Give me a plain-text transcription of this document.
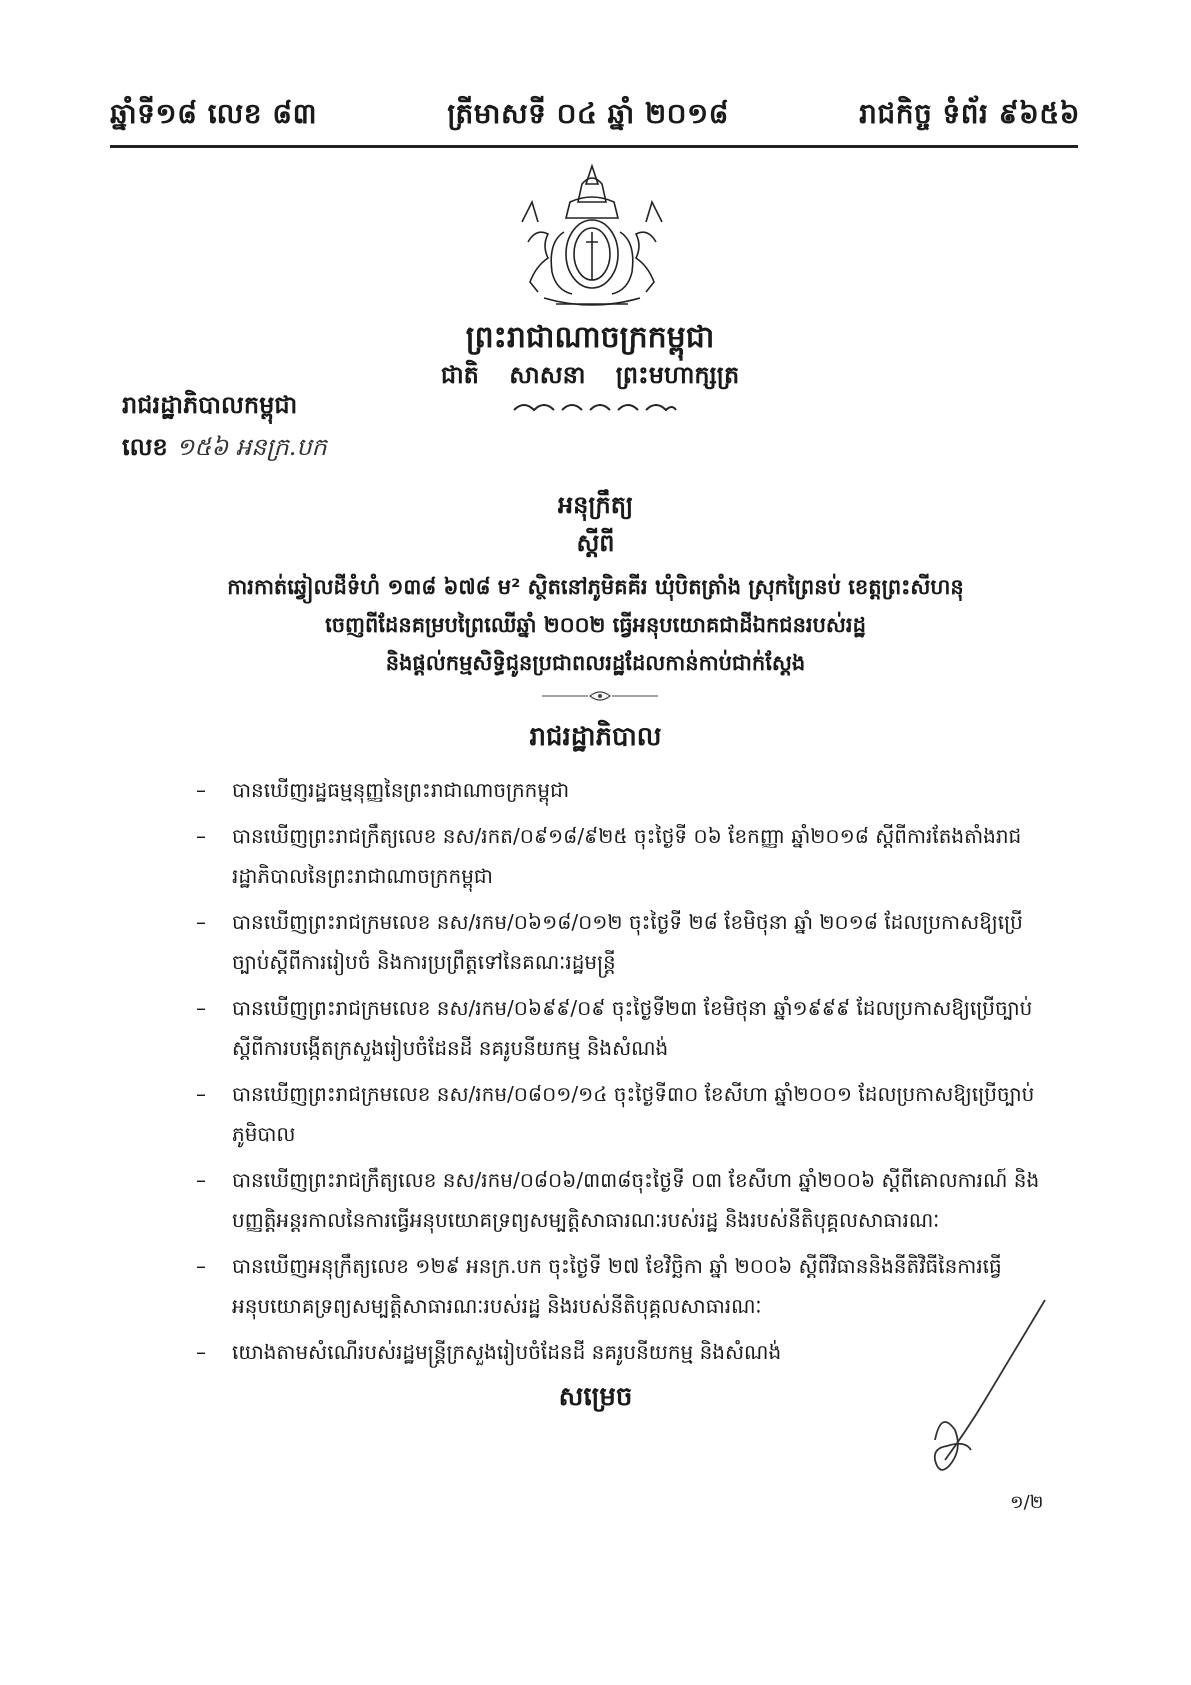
ឆ្នាំទី១៨ លេខ ៨៣	ត្រីមាសទី ០៤ ឆ្នាំ ២០១៨	រាជកិច្ច ទំព័រ ៩៦៥៦
ព្រះរាជាណាចក្រកម្ពុជា
ជាតិ សាសនា ព្រះមហាក្សត្រ
រាជរដ្ឋាភិបាលកម្ពុជា
លេខ ១៥៦ អនក្រ.បក
អនុក្រឹត្យ
ស្តីពី
ការកាត់ឆ្វៀលដីទំហំ ១៣៨ ៦៧៨ ម² ស្ថិតនៅភូមិគគីរ ឃុំបិតត្រាំង ស្រុកព្រៃនប់ ខេត្តព្រះសីហនុ
ចេញពីដែនគម្របព្រៃឈើឆ្នាំ ២០០២ ធ្វើអនុបយោគជាដីឯកជនរបស់រដ្ឋ
និងផ្តល់កម្មសិទ្ធិជូនប្រជាពលរដ្ឋដែលកាន់កាប់ជាក់ស្តែង
រាជរដ្ឋាភិបាល
– បានឃើញរដ្ឋធម្មនុញ្ញនៃព្រះរាជាណាចក្រកម្ពុជា
– បានឃើញព្រះរាជក្រឹត្យលេខ នស/រកត/០៩១៨/៩២៥ ចុះថ្ងៃទី ០៦ ខែកញ្ញា ឆ្នាំ២០១៨ ស្តីពីការតែងតាំងរាជរដ្ឋាភិបាលនៃព្រះរាជាណាចក្រកម្ពុជា
– បានឃើញព្រះរាជក្រមលេខ នស/រកម/០៦១៨/០១២ ចុះថ្ងៃទី ២៨ ខែមិថុនា ឆ្នាំ ២០១៨ ដែលប្រកាសឱ្យប្រើច្បាប់ស្តីពីការរៀបចំ និងការប្រព្រឹត្តទៅនៃគណៈរដ្ឋមន្ត្រី
– បានឃើញព្រះរាជក្រមលេខ នស/រកម/០៦៩៩/០៩ ចុះថ្ងៃទី២៣ ខែមិថុនា ឆ្នាំ១៩៩៩ ដែលប្រកាសឱ្យប្រើច្បាប់ស្តីពីការបង្កើតក្រសួងរៀបចំដែនដី នគរូបនីយកម្ម និងសំណង់
– បានឃើញព្រះរាជក្រមលេខ នស/រកម/០៨០១/១៤ ចុះថ្ងៃទី៣០ ខែសីហា ឆ្នាំ២០០១ ដែលប្រកាសឱ្យប្រើច្បាប់ភូមិបាល
– បានឃើញព្រះរាជក្រឹត្យលេខ នស/រកម/០៨០៦/៣៣៨ចុះថ្ងៃទី ០៣ ខែសីហា ឆ្នាំ២០០៦ ស្តីពីគោលការណ៍ និងបញ្ញត្តិអន្តរកាលនៃការធ្វើអនុបយោគទ្រព្យសម្បត្តិសាធារណៈរបស់រដ្ឋ និងរបស់នីតិបុគ្គលសាធារណៈ
– បានឃើញអនុក្រឹត្យលេខ ១២៩ អនក្រ.បក ចុះថ្ងៃទី ២៧ ខែវិច្ឆិកា ឆ្នាំ ២០០៦ ស្តីពីវិធាននិងនីតិវិធីនៃការធ្វើអនុបយោគទ្រព្យសម្បត្តិសាធារណៈរបស់រដ្ឋ និងរបស់នីតិបុគ្គលសាធារណៈ
– យោងតាមសំណើរបស់រដ្ឋមន្ត្រីក្រសួងរៀបចំដែនដី នគរូបនីយកម្ម និងសំណង់
សម្រេច
១/២
